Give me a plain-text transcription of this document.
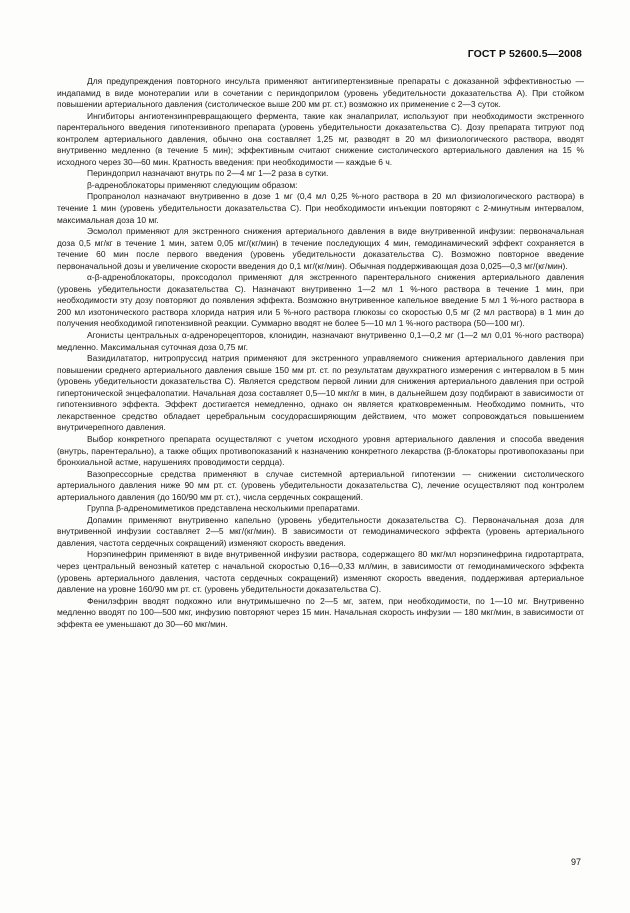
ГОСТ Р 52600.5—2008

Для предупреждения повторного инсульта применяют антигипертензивные препараты с доказанной эффективностью — индапамид в виде монотерапии или в сочетании с периндоприлом (уровень убедительности доказательства А). При стойком повышении артериального давления (систолическое выше 200 мм рт. ст.) возможно их применение с 2—3 суток.

Ингибиторы ангиотензинпревращающего фермента, такие как эналаприлат, используют при необходимости экстренного парентерального введения гипотензивного препарата (уровень убедительности доказательства С). Дозу препарата титруют под контролем артериального давления, обычно она составляет 1,25 мг, разводят в 20 мл физиологического раствора, вводят внутривенно медленно (в течение 5 мин); эффективным считают снижение систолического артериального давления на 15 % исходного через 30—60 мин. Кратность введения: при необходимости — каждые 6 ч.

Периндоприл назначают внутрь по 2—4 мг 1—2 раза в сутки.

β-адреноблокаторы применяют следующим образом:

Пропранолол назначают внутривенно в дозе 1 мг (0,4 мл 0,25 %-ного раствора в 20 мл физиологического раствора) в течение 1 мин (уровень убедительности доказательства С). При необходимости инъекции повторяют с 2-минутным интервалом, максимальная доза 10 мг.

Эсмолол применяют для экстренного снижения артериального давления в виде внутривенной инфузии: первоначальная доза 0,5 мг/кг в течение 1 мин, затем 0,05 мг/(кг/мин) в течение последующих 4 мин, гемодинамический эффект сохраняется в течение 60 мин после первого введения (уровень убедительности доказательства С). Возможно повторное введение первоначальной дозы и увеличение скорости введения до 0,1 мг/(кг/мин). Обычная поддерживающая доза 0,025—0,3 мг/(кг/мин).

α-β-адреноблокаторы, проксодолол применяют для экстренного парентерального снижения артериального давления (уровень убедительности доказательства С). Назначают внутривенно 1—2 мл 1 %-ного раствора в течение 1 мин, при необходимости эту дозу повторяют до появления эффекта. Возможно внутривенное капельное введение 5 мл 1 %-ного раствора в 200 мл изотонического раствора хлорида натрия или 5 %-ного раствора глюкозы со скоростью 0,5 мг (2 мл раствора) в 1 мин до получения необходимой гипотензивной реакции. Суммарно вводят не более 5—10 мл 1 %-ного раствора (50—100 мг).

Агонисты центральных α-адренорецепторов, клонидин, назначают внутривенно 0,1—0,2 мг (1—2 мл 0,01 %-ного раствора) медленно. Максимальная суточная доза 0,75 мг.

Вазидилататор, нитропруссид натрия применяют для экстренного управляемого снижения артериального давления при повышении среднего артериального давления свыше 150 мм рт. ст. по результатам двухкратного измерения с интервалом в 5 мин (уровень убедительности доказательства С). Является средством первой линии для снижения артериального давления при острой гипертонической энцефалопатии. Начальная доза составляет 0,5—10 мкг/кг в мин, в дальнейшем дозу подбирают в зависимости от гипотензивного эффекта. Эффект достигается немедленно, однако он является кратковременным. Необходимо помнить, что лекарственное средство обладает церебральным сосудорасширяющим действием, что может сопровождаться повышением внутричерепного давления.

Выбор конкретного препарата осуществляют с учетом исходного уровня артериального давления и способа введения (внутрь, парентерально), а также общих противопоказаний к назначению конкретного лекарства (β-блокаторы противопоказаны при бронхиальной астме, нарушениях проводимости сердца).

Вазопрессорные средства применяют в случае системной артериальной гипотензии — снижении систолического артериального давления ниже 90 мм рт. ст. (уровень убедительности доказательства С), лечение осуществляют под контролем артериального давления (до 160/90 мм рт. ст.), числа сердечных сокращений.

Группа β-адреномиметиков представлена несколькими препаратами.

Допамин применяют внутривенно капельно (уровень убедительности доказательства С). Первоначальная доза для внутривенной инфузии составляет 2—5 мкг/(кг/мин). В зависимости от гемодинамического эффекта (уровень артериального давления, частота сердечных сокращений) изменяют скорость введения.

Норэпинефрин применяют в виде внутривенной инфузии раствора, содержащего 80 мкг/мл норэпинефрина гидротартрата, через центральный венозный катетер с начальной скоростью 0,16—0,33 мл/мин, в зависимости от гемодинамического эффекта (уровень артериального давления, частота сердечных сокращений) изменяют скорость введения, поддерживая артериальное давление на уровне 160/90 мм рт. ст. (уровень убедительности доказательства С).

Фенилэфрин вводят подкожно или внутримышечно по 2—5 мг, затем, при необходимости, по 1—10 мг. Внутривенно медленно вводят по 100—500 мкг, инфузию повторяют через 15 мин. Начальная скорость инфузии — 180 мкг/мин, в зависимости от эффекта ее уменьшают до 30—60 мкг/мин.

97
